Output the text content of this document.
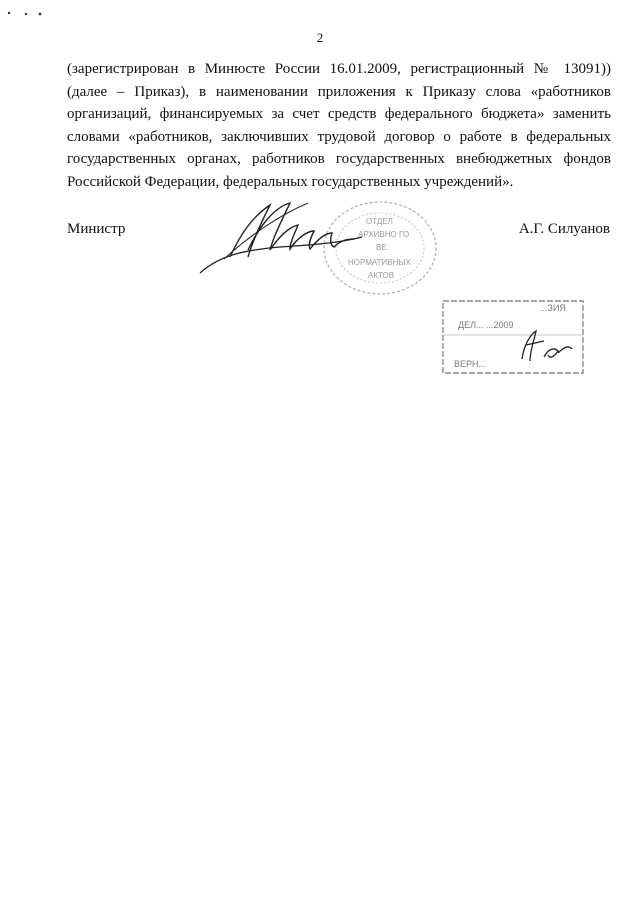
2

(зарегистрирован в Минюсте России 16.01.2009, регистрационный № 13091))
(далее – Приказ), в наименовании приложения к Приказу слова «работников
организаций, финансируемых за счет средств федерального бюджета» заменить
словами «работников, заключивших трудовой договор о работе в федеральных
государственных органах, работников государственных внебюджетных фондов
Российской Федерации, федеральных государственных учреждений».

Министр	А.Г. Силуанов
ОТДЕЛ
АРХИВНО ГО
ВЕ
НОРМАТИВНЫХ
АКТОВ
...ЗИЯ
ДЕЛ... ...2009
ВЕРН...
